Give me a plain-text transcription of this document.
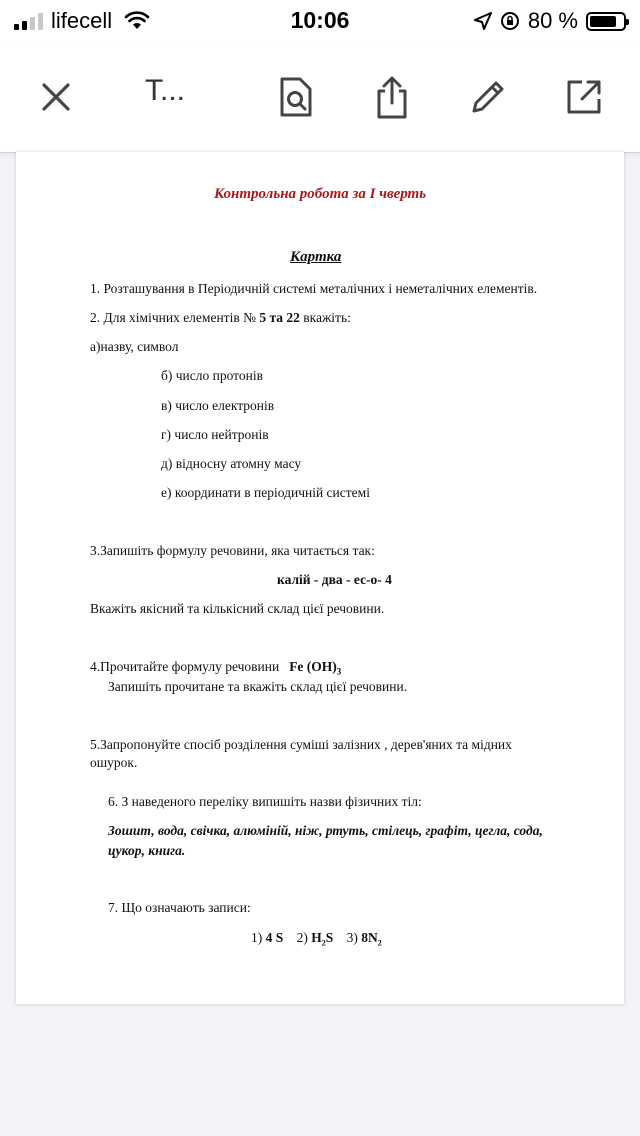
lifecell	10:06	80 %
T...

Контрольна робота за І чверть

Картка

1. Розташування в Періодичній системі металічних і неметалічних елементів.

2. Для хімічних елементів № 5 та 22 вкажіть:

а)назву, символ

б) число протонів

в) число електронів

г) число нейтронів

д) відносну атомну масу

е) координати в періодичній системі

3.Запишіть формулу речовини, яка читається так:

калій - два - ес-о- 4

Вкажіть якісний та кількісний склад цієї речовини.

4.Прочитайте формулу речовини Fe $(OH)_3$

Запишіть прочитане та вкажіть склад цієї речовини.

5.Запропонуйте спосіб розділення суміші залізних , дерев'яних та мідних

ошурок.

6. З наведеного переліку випишіть назви фізичних тіл:

Зошит, вода, свічка, алюміній, ніж, ртуть, стілець, графіт, цегла, сода,

цукор, книга.

7. Що означають записи:

1) 4 S 2) $H_2S$ 3) $8N_2$
